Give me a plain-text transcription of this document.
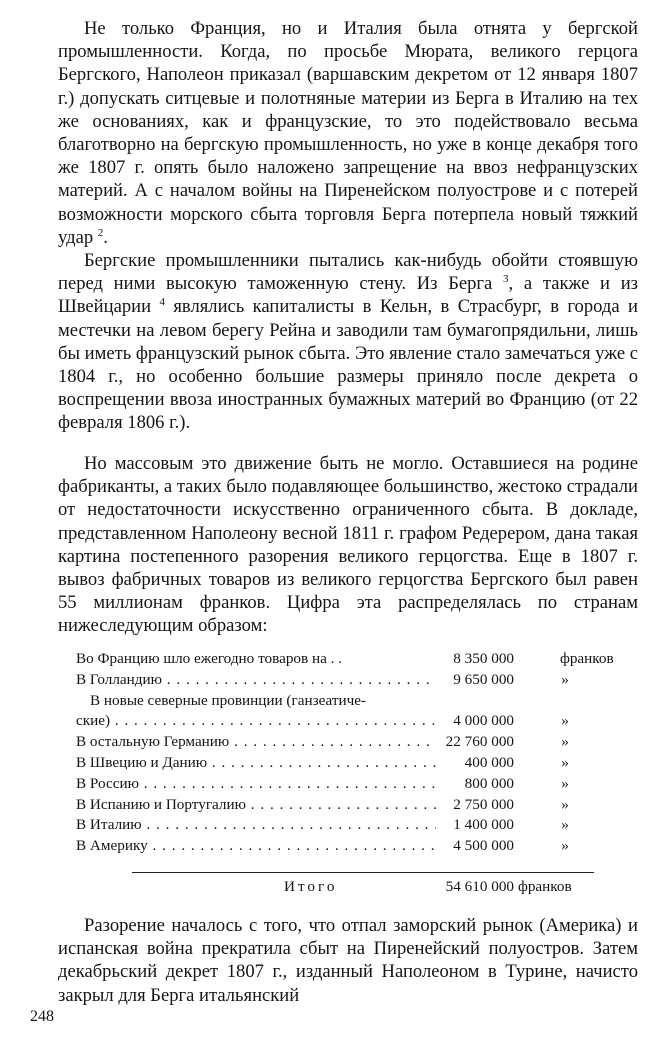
Не только Франция, но и Италия была отнята у бергской промышленности. Когда, по просьбе Мюрата, великого герцога Бергского, Наполеон приказал (варшавским декретом от 12 января 1807 г.) допускать ситцевые и полотняные материи из Берга в Италию на тех же основаниях, как и французские, то это подействовало весьма благотворно на бергскую промышленность, но уже в конце декабря того же 1807 г. опять было наложено запрещение на ввоз нефранцузских материй. А с началом войны на Пиренейском полуострове и с потерей возможности морского сбыта торговля Берга потерпела новый тяжкий удар $^2$.

Бергские промышленники пытались как-нибудь обойти стоявшую перед ними высокую таможенную стену. Из Берга $^3$, а также и из Швейцарии $^4$ являлись капиталисты в Кельн, в Страсбург, в города и местечки на левом берегу Рейна и заводили там бумагопрядильни, лишь бы иметь французский рынок сбыта. Это явление стало замечаться уже с 1804 г., но особенно большие размеры приняло после декрета о воспрещении ввоза иностранных бумажных материй во Францию (от 22 февраля 1806 г.).

Но массовым это движение быть не могло. Оставшиеся на родине фабриканты, а таких было подавляющее большинство, жестоко страдали от недостаточности искусственно ограниченного сбыта. В докладе, представленном Наполеону весной 1811 г. графом Редерером, дана такая картина постепенного разорения великого герцогства. Еще в 1807 г. вывоз фабричных товаров из великого герцогства Бергского был равен 55 миллионам франков. Цифра эта распределялась по странам нижеследующим образом:

Во Францию шло ежегодно товаров на . .	8 350 000	франков
В Голландию . . .	9 650 000	»
В новые северные провинции (ганзеатиче-
ские) . . .	4 000 000	»
В остальную Германию . . .	22 760 000	»
В Швецию и Данию . . .	400 000	»
В Россию . . .	800 000	»
В Испанию и Португалию . . .	2 750 000	»
В Италию . . .	1 400 000	»
В Америку . . .	4 500 000	»
Итого	54 610 000 франков

Разорение началось с того, что отпал заморский рынок (Америка) и испанская война прекратила сбыт на Пиренейский полуостров. Затем декабрьский декрет 1807 г., изданный Наполеоном в Турине, начисто закрыл для Берга итальянский

248
